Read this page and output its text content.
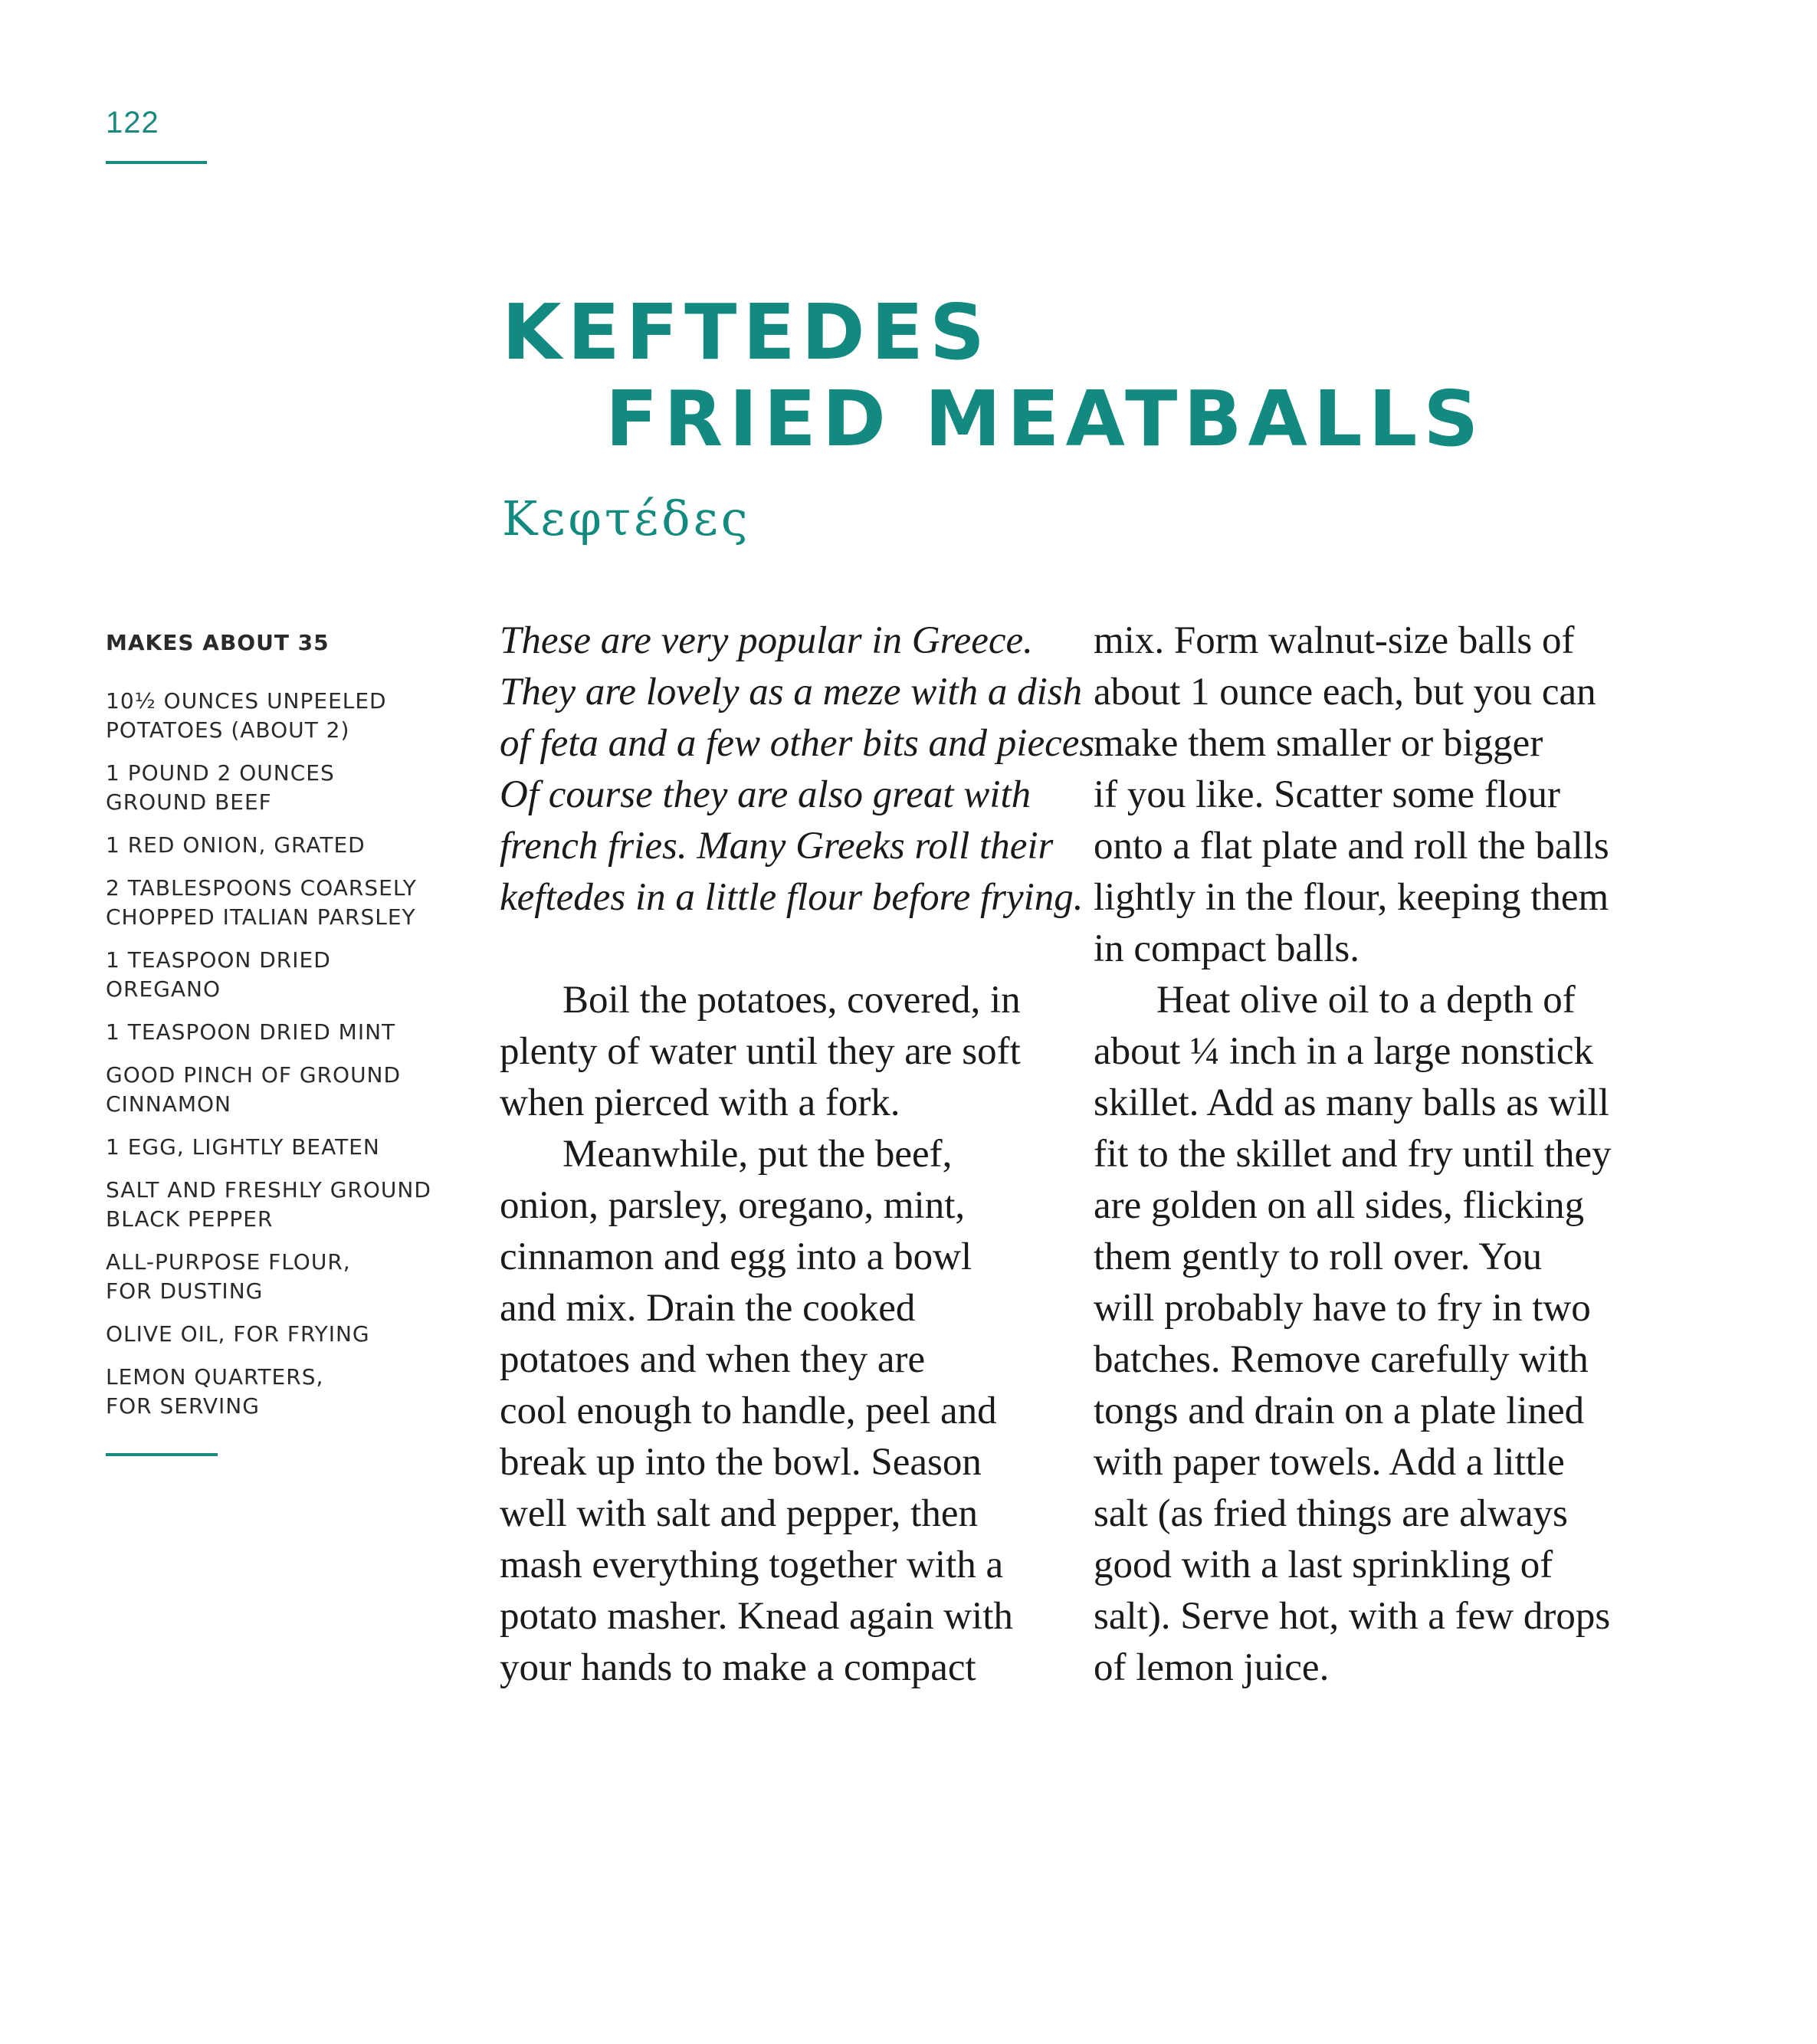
122
KEFTEDES
FRIED MEATBALLS
Κεφτέδες
MAKES ABOUT 35
10½ OUNCES UNPEELED
POTATOES (ABOUT 2)
1 POUND 2 OUNCES
GROUND BEEF
1 RED ONION, GRATED
2 TABLESPOONS COARSELY
CHOPPED ITALIAN PARSLEY
1 TEASPOON DRIED
OREGANO
1 TEASPOON DRIED MINT
GOOD PINCH OF GROUND
CINNAMON
1 EGG, LIGHTLY BEATEN
SALT AND FRESHLY GROUND
BLACK PEPPER
ALL-PURPOSE FLOUR,
FOR DUSTING
OLIVE OIL, FOR FRYING
LEMON QUARTERS,
FOR SERVING
These are very popular in Greece.
They are lovely as a meze with a dish
of feta and a few other bits and pieces.
Of course they are also great with
french fries. Many Greeks roll their
keftedes in a little flour before frying.
Boil the potatoes, covered, in
plenty of water until they are soft
when pierced with a fork.
Meanwhile, put the beef,
onion, parsley, oregano, mint,
cinnamon and egg into a bowl
and mix. Drain the cooked
potatoes and when they are
cool enough to handle, peel and
break up into the bowl. Season
well with salt and pepper, then
mash everything together with a
potato masher. Knead again with
your hands to make a compact
mix. Form walnut-size balls of
about 1 ounce each, but you can
make them smaller or bigger
if you like. Scatter some flour
onto a flat plate and roll the balls
lightly in the flour, keeping them
in compact balls.
Heat olive oil to a depth of
about ¼ inch in a large nonstick
skillet. Add as many balls as will
fit to the skillet and fry until they
are golden on all sides, flicking
them gently to roll over. You
will probably have to fry in two
batches. Remove carefully with
tongs and drain on a plate lined
with paper towels. Add a little
salt (as fried things are always
good with a last sprinkling of
salt). Serve hot, with a few drops
of lemon juice.
